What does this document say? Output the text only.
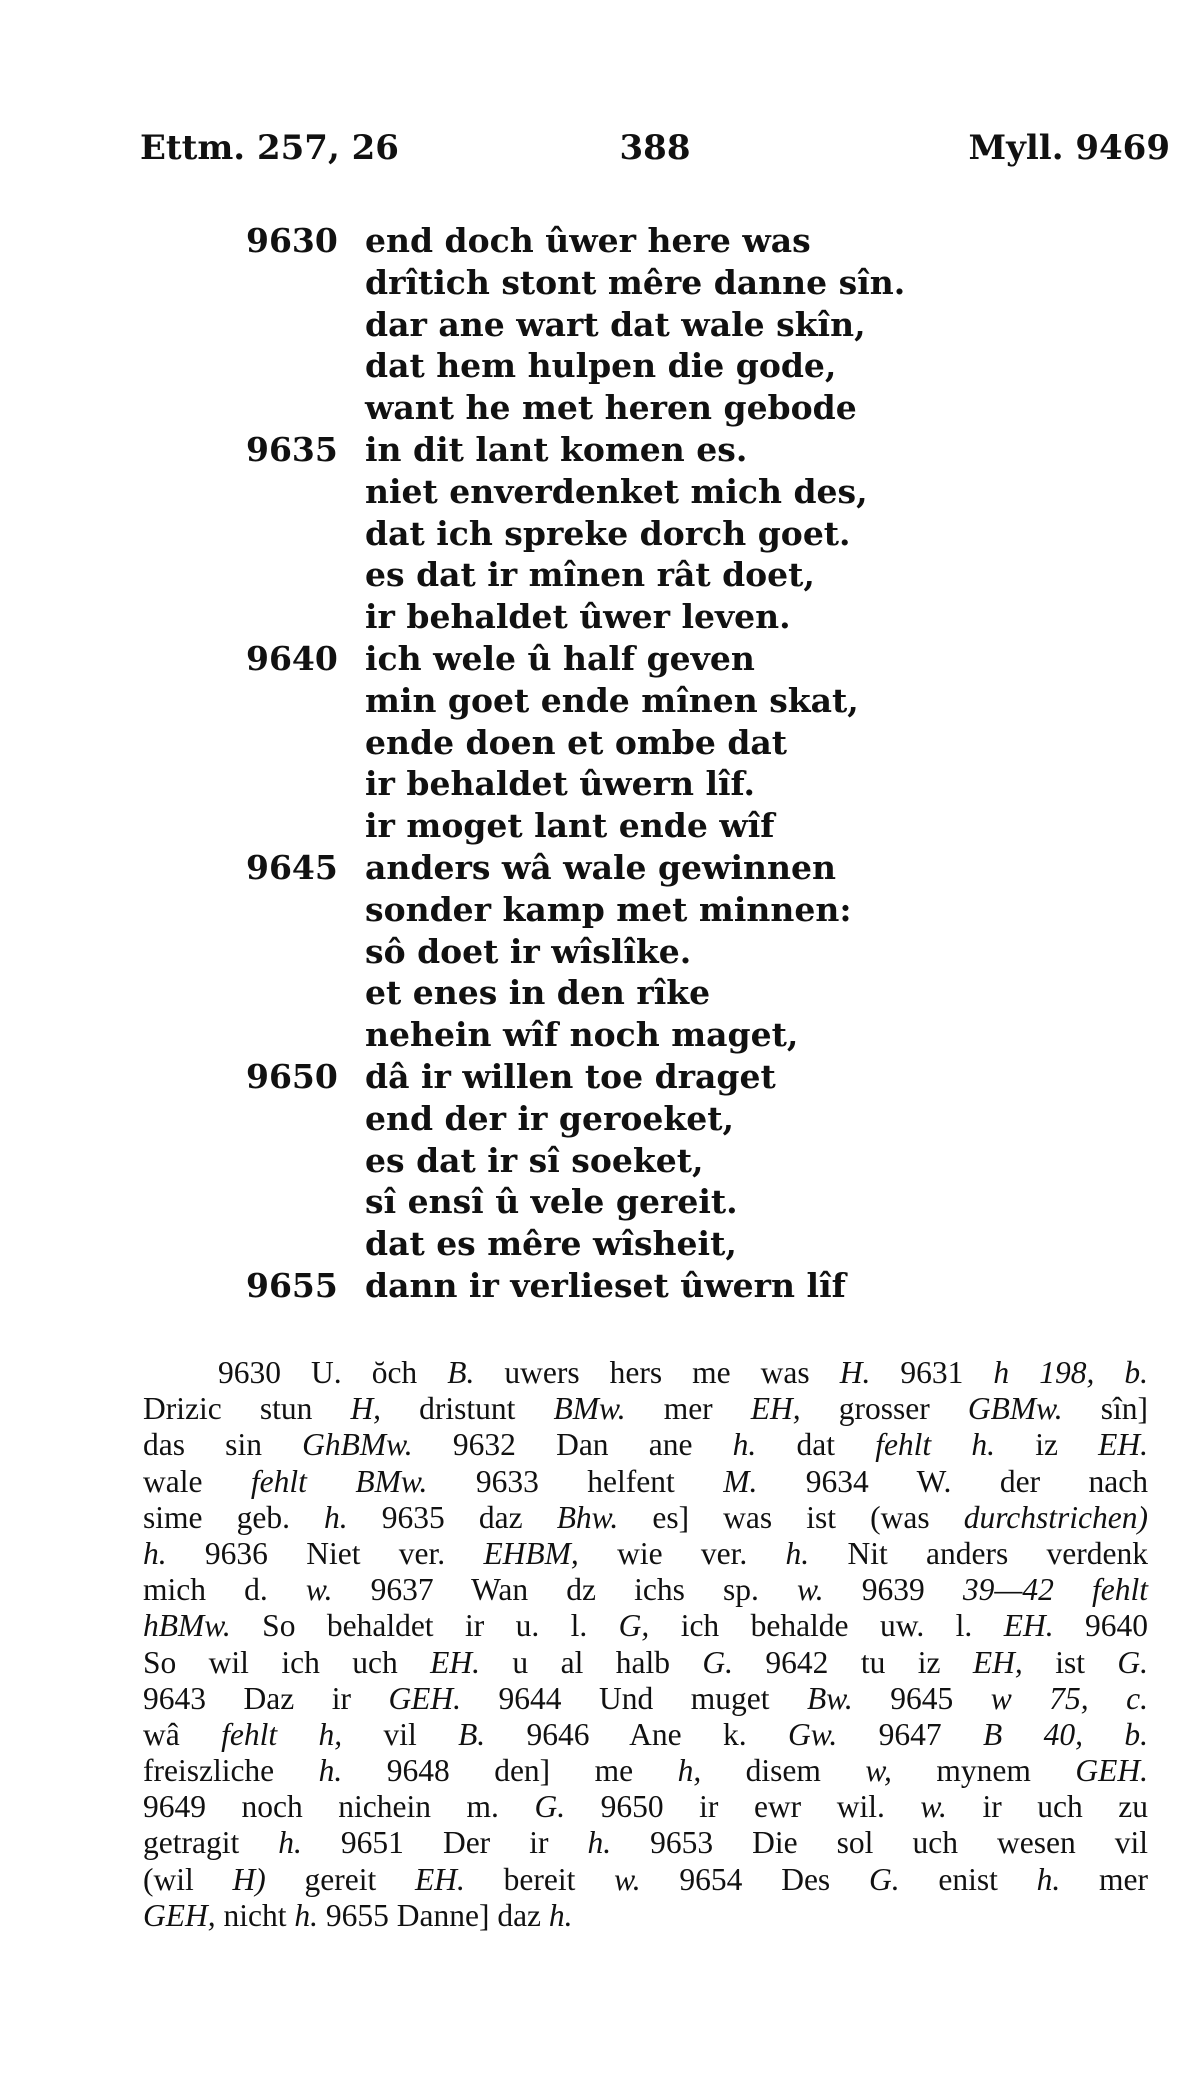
Ettm. 257, 26	388	Myll. 9469
9630 end doch ûwer here was
drîtich stont mêre danne sîn.
dar ane wart dat wale skîn,
dat hem hulpen die gode,
want he met heren gebode
9635 in dit lant komen es.
niet enverdenket mich des,
dat ich spreke dorch goet.
es dat ir mînen rât doet,
ir behaldet ûwer leven.
9640 ich wele û half geven
min goet ende mînen skat,
ende doen et ombe dat
ir behaldet ûwern lîf.
ir moget lant ende wîf
9645 anders wâ wale gewinnen
sonder kamp met minnen:
sô doet ir wîslîke.
et enes in den rîke
nehein wîf noch maget,
9650 dâ ir willen toe draget
end der ir geroeket,
es dat ir sî soeket,
sî ensî û vele gereit.
dat es mêre wîsheit,
9655 dann ir verlieset ûwern lîf
9630 U. ŏch B. uwers hers me was H. 9631 h 198, b.
Drizic stun H, dristunt BMw. mer EH, grosser GBMw. sîn]
das sin GhBMw. 9632 Dan ane h. dat fehlt h. iz EH.
wale fehlt BMw. 9633 helfent M. 9634 W. der nach
sime geb. h. 9635 daz Bhw. es] was ist (was durchstrichen)
h. 9636 Niet ver. EHBM, wie ver. h. Nit anders verdenk
mich d. w. 9637 Wan dz ichs sp. w. 9639 39—42 fehlt
hBMw. So behaldet ir u. l. G, ich behalde uw. l. EH. 9640
So wil ich uch EH. u al halb G. 9642 tu iz EH, ist G.
9643 Daz ir GEH. 9644 Und muget Bw. 9645 w 75, c.
wâ fehlt h, vil B. 9646 Ane k. Gw. 9647 B 40, b.
freiszliche h. 9648 den] me h, disem w, mynem GEH.
9649 noch nichein m. G. 9650 ir ewr wil. w. ir uch zu
getragit h. 9651 Der ir h. 9653 Die sol uch wesen vil
(wil H) gereit EH. bereit w. 9654 Des G. enist h. mer
GEH, nicht h. 9655 Danne] daz h.
